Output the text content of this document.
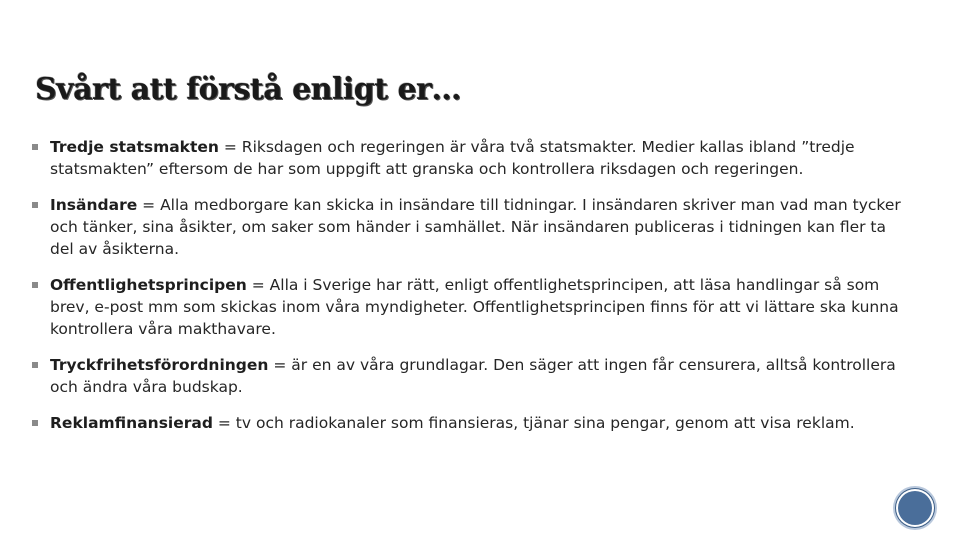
Svårt att förstå enligt er…
Tredje statsmakten = Riksdagen och regeringen är våra två statsmakter. Medier kallas ibland ”tredje statsmakten” eftersom de har som uppgift att granska och kontrollera riksdagen och regeringen.
Insändare = Alla medborgare kan skicka in insändare till tidningar. I insändaren skriver man vad man tycker och tänker, sina åsikter, om saker som händer i samhället. När insändaren publiceras i tidningen kan fler ta del av åsikterna.
Offentlighetsprincipen = Alla i Sverige har rätt, enligt offentlighetsprincipen, att läsa handlingar så som brev, e-post mm som skickas inom våra myndigheter. Offentlighetsprincipen finns för att vi lättare ska kunna kontrollera våra makthavare.
Tryckfrihetsförordningen = är en av våra grundlagar. Den säger att ingen får censurera, alltså kontrollera och ändra våra budskap.
Reklamfinansierad = tv och radiokanaler som finansieras, tjänar sina pengar, genom att visa reklam.
